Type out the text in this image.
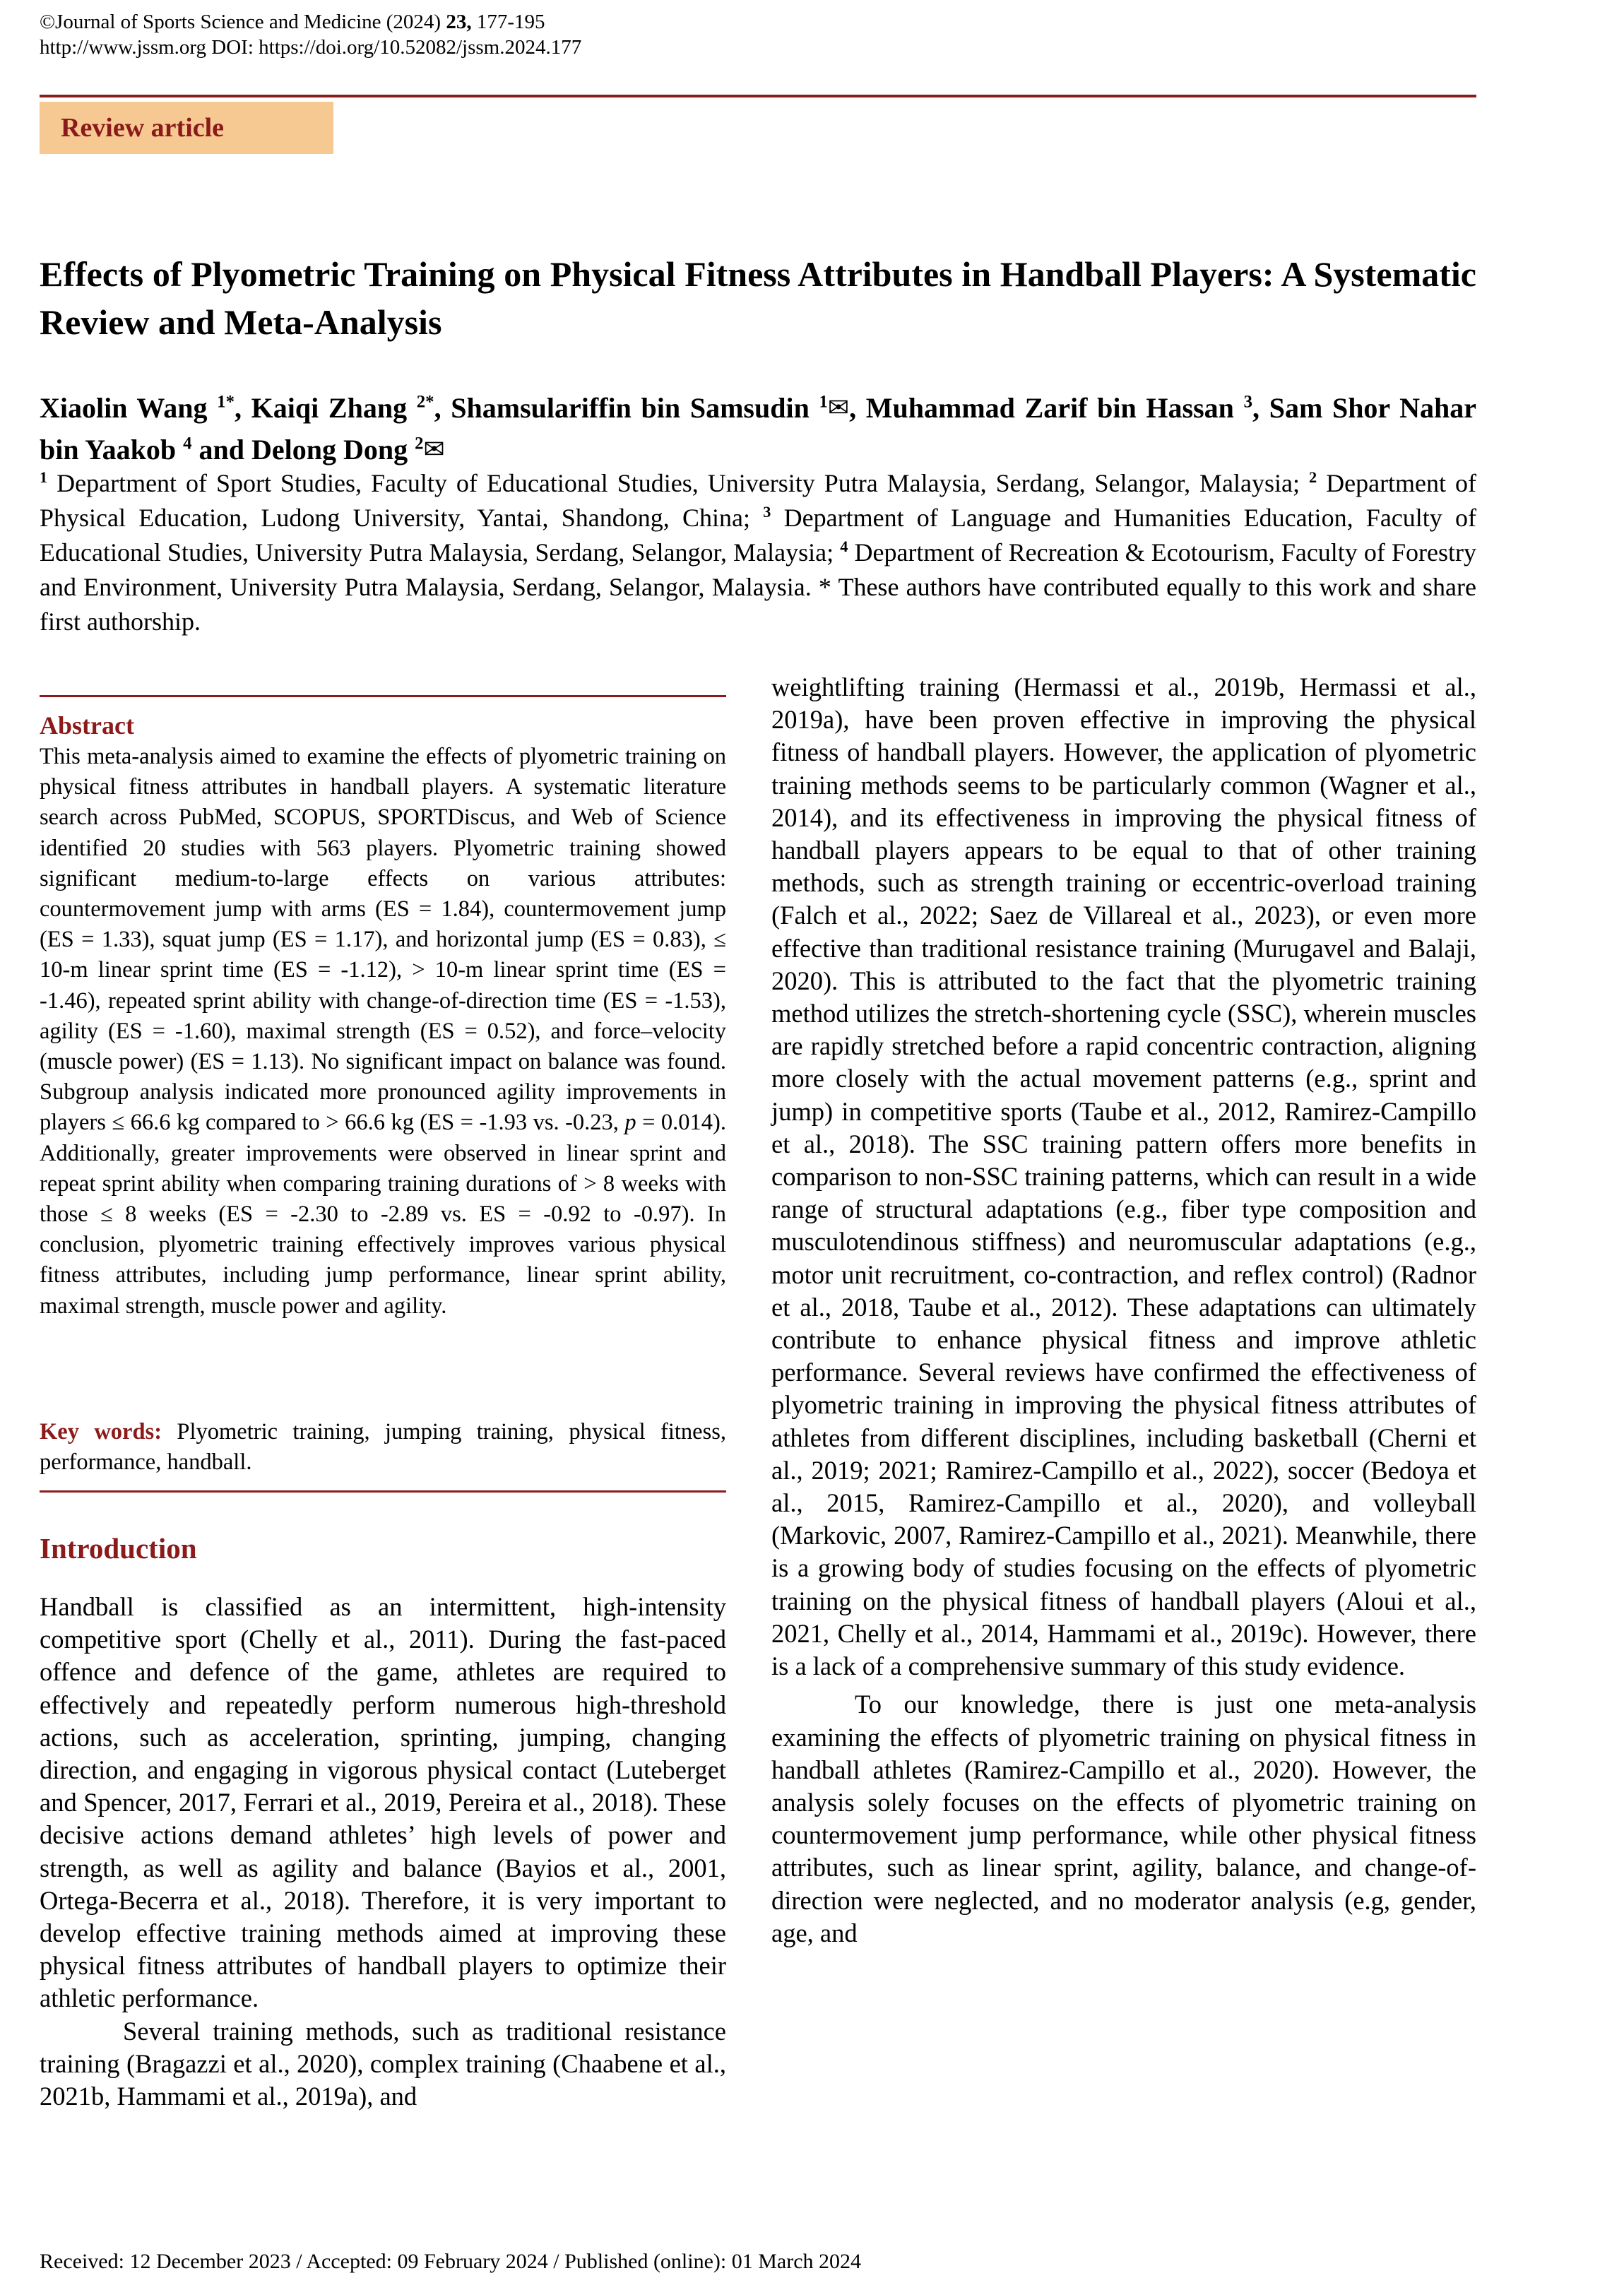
©Journal of Sports Science and Medicine (2024) 23, 177-195
http://www.jssm.org DOI: https://doi.org/10.52082/jssm.2024.177
Review article
Effects of Plyometric Training on Physical Fitness Attributes in Handball Players: A Systematic Review and Meta-Analysis
Xiaolin Wang $^{1*}$, Kaiqi Zhang $^{2*}$, Shamsulariffin bin Samsudin $^1$✉, Muhammad Zarif bin Hassan $^3$, Sam Shor Nahar bin Yaakob $^4$ and Delong Dong $^2$✉
$^1$ Department of Sport Studies, Faculty of Educational Studies, University Putra Malaysia, Serdang, Selangor, Malaysia; $^2$ Department of Physical Education, Ludong University, Yantai, Shandong, China; $^3$ Department of Language and Humanities Education, Faculty of Educational Studies, University Putra Malaysia, Serdang, Selangor, Malaysia; $^4$ Department of Recreation & Ecotourism, Faculty of Forestry and Environment, University Putra Malaysia, Serdang, Selangor, Malaysia. * These authors have contributed equally to this work and share first authorship.
Abstract
This meta-analysis aimed to examine the effects of plyometric training on physical fitness attributes in handball players. A systematic literature search across PubMed, SCOPUS, SPORTDiscus, and Web of Science identified 20 studies with 563 players. Plyometric training showed significant medium-to-large effects on various attributes: countermovement jump with arms (ES = 1.84), countermovement jump (ES = 1.33), squat jump (ES = 1.17), and horizontal jump (ES = 0.83), ≤ 10-m linear sprint time (ES = -1.12), > 10-m linear sprint time (ES = -1.46), repeated sprint ability with change-of-direction time (ES = -1.53), agility (ES = -1.60), maximal strength (ES = 0.52), and force–velocity (muscle power) (ES = 1.13). No significant impact on balance was found. Subgroup analysis indicated more pronounced agility improvements in players ≤ 66.6 kg compared to > 66.6 kg (ES = -1.93 vs. -0.23, p = 0.014). Additionally, greater improvements were observed in linear sprint and repeat sprint ability when comparing training durations of > 8 weeks with those ≤ 8 weeks (ES = -2.30 to -2.89 vs. ES = -0.92 to -0.97). In conclusion, plyometric training effectively improves various physical fitness attributes, including jump performance, linear sprint ability, maximal strength, muscle power and agility.
Key words: Plyometric training, jumping training, physical fitness, performance, handball.
Introduction

Handball is classified as an intermittent, high-intensity competitive sport (Chelly et al., 2011). During the fast-paced offence and defence of the game, athletes are required to effectively and repeatedly perform numerous high-threshold actions, such as acceleration, sprinting, jumping, changing direction, and engaging in vigorous physical contact (Luteberget and Spencer, 2017, Ferrari et al., 2019, Pereira et al., 2018). These decisive actions demand athletes’ high levels of power and strength, as well as agility and balance (Bayios et al., 2001, Ortega-Becerra et al., 2018). Therefore, it is very important to develop effective training methods aimed at improving these physical fitness attributes of handball players to optimize their athletic performance.

Several training methods, such as traditional resistance training (Bragazzi et al., 2020), complex training (Chaabene et al., 2021b, Hammami et al., 2019a), and

weightlifting training (Hermassi et al., 2019b, Hermassi et al., 2019a), have been proven effective in improving the physical fitness of handball players. However, the application of plyometric training methods seems to be particularly common (Wagner et al., 2014), and its effectiveness in improving the physical fitness of handball players appears to be equal to that of other training methods, such as strength training or eccentric-overload training (Falch et al., 2022; Saez de Villareal et al., 2023), or even more effective than traditional resistance training (Murugavel and Balaji, 2020). This is attributed to the fact that the plyometric training method utilizes the stretch-shortening cycle (SSC), wherein muscles are rapidly stretched before a rapid concentric contraction, aligning more closely with the actual movement patterns (e.g., sprint and jump) in competitive sports (Taube et al., 2012, Ramirez-Campillo et al., 2018). The SSC training pattern offers more benefits in comparison to non-SSC training patterns, which can result in a wide range of structural adaptations (e.g., fiber type composition and musculotendinous stiffness) and neuromuscular adaptations (e.g., motor unit recruitment, co-contraction, and reflex control) (Radnor et al., 2018, Taube et al., 2012). These adaptations can ultimately contribute to enhance physical fitness and improve athletic performance. Several reviews have confirmed the effectiveness of plyometric training in improving the physical fitness attributes of athletes from different disciplines, including basketball (Cherni et al., 2019; 2021; Ramirez-Campillo et al., 2022), soccer (Bedoya et al., 2015, Ramirez-Campillo et al., 2020), and volleyball (Markovic, 2007, Ramirez-Campillo et al., 2021). Meanwhile, there is a growing body of studies focusing on the effects of plyometric training on the physical fitness of handball players (Aloui et al., 2021, Chelly et al., 2014, Hammami et al., 2019c). However, there is a lack of a comprehensive summary of this study evidence.

To our knowledge, there is just one meta-analysis examining the effects of plyometric training on physical fitness in handball athletes (Ramirez-Campillo et al., 2020). However, the analysis solely focuses on the effects of plyometric training on countermovement jump performance, while other physical fitness attributes, such as linear sprint, agility, balance, and change-of-direction were neglected, and no moderator analysis (e.g, gender, age, and

Received: 12 December 2023 / Accepted: 09 February 2024 / Published (online): 01 March 2024
